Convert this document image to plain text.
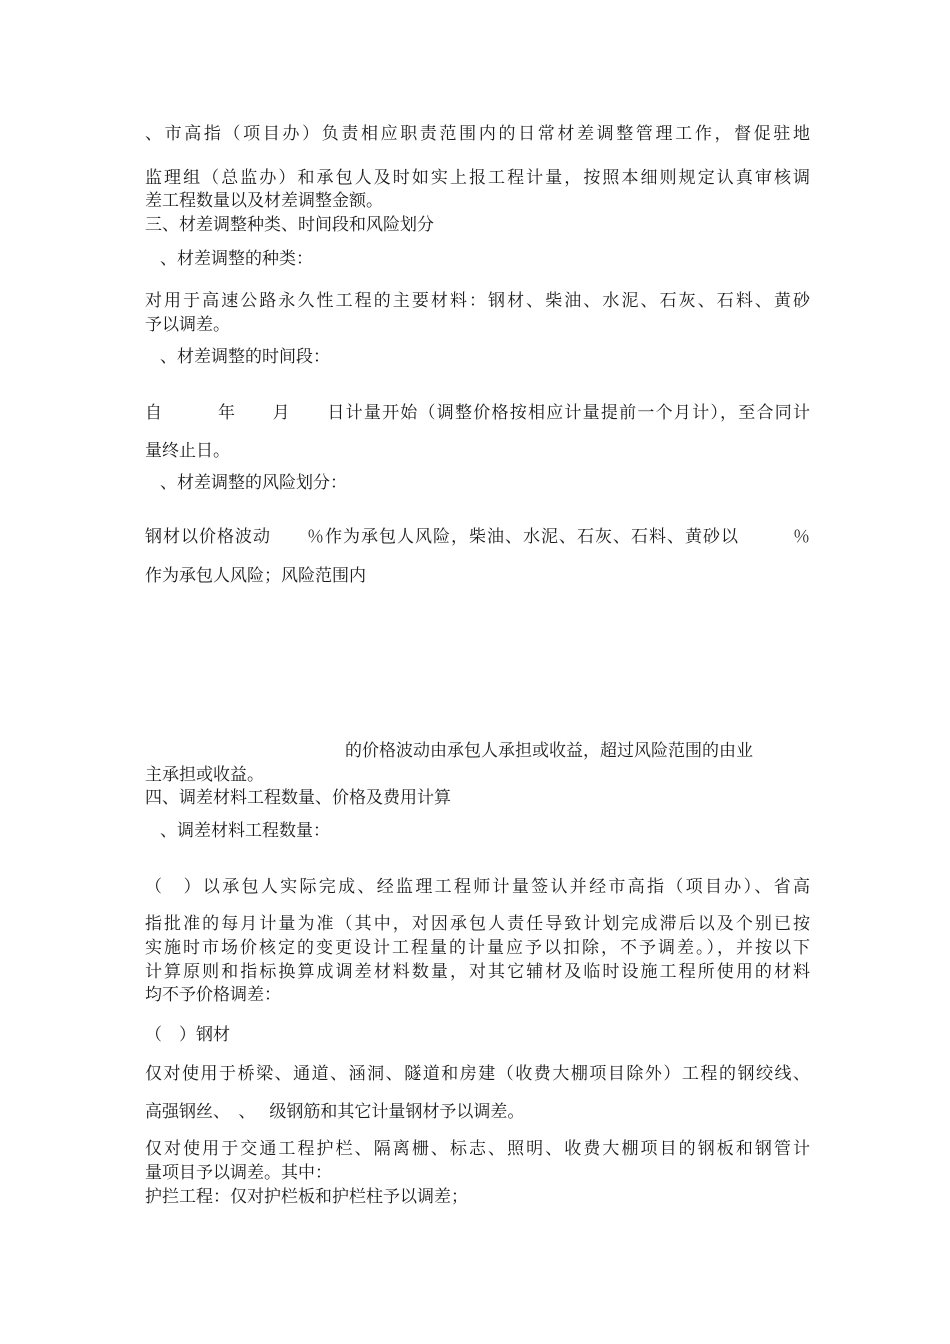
、市高指（项目办）负责相应职责范围内的日常材差调整管理工作，督促驻地
监理组（总监办）和承包人及时如实上报工程计量，按照本细则规定认真审核调
差工程数量以及材差调整金额。
三、材差调整种类、时间段和风险划分
、材差调整的种类：
对用于高速公路永久性工程的主要材料：钢材、柴油、水泥、石灰、石料、黄砂
予以调差。
、材差调整的时间段：
自　　　年　　月　　日计量开始（调整价格按相应计量提前一个月计），至合同计
量终止日。
、材差调整的风险划分：
钢材以价格波动　　％作为承包人风险，柴油、水泥、石灰、石料、黄砂以　　　％
作为承包人风险；风险范围内
的价格波动由承包人承担或收益，超过风险范围的由业
主承担或收益。
四、调差材料工程数量、价格及费用计算
、调差材料工程数量：
（　）以承包人实际完成、经监理工程师计量签认并经市高指（项目办）、省高
指批准的每月计量为准（其中，对因承包人责任导致计划完成滞后以及个别已按
实施时市场价核定的变更设计工程量的计量应予以扣除，不予调差。），并按以下
计算原则和指标换算成调差材料数量，对其它辅材及临时设施工程所使用的材料
均不予价格调差：
（　）钢材
仅对使用于桥梁、通道、涵洞、隧道和房建（收费大棚项目除外）工程的钢绞线、
高强钢丝、　、　 级钢筋和其它计量钢材予以调差。
仅对使用于交通工程护栏、隔离栅、标志、照明、收费大棚项目的钢板和钢管计
量项目予以调差。其中：
护拦工程：仅对护栏板和护栏柱予以调差；
